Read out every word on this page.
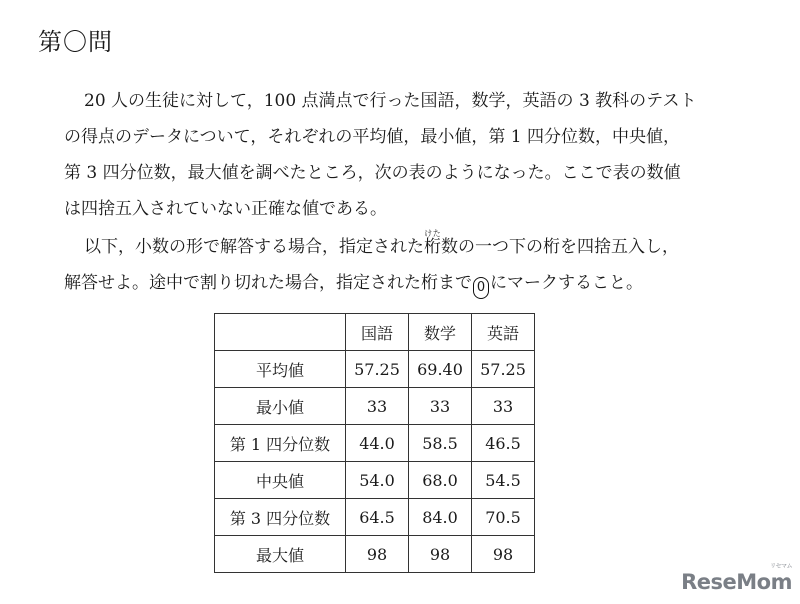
第〇問
20 人の生徒に対して，100 点満点で行った国語，数学，英語の 3 教科のテスト
の得点のデータについて，それぞれの平均値，最小値，第 1 四分位数，中央値，
第 3 四分位数，最大値を調べたところ，次の表のようになった。ここで表の数値
は四捨五入されていない正確な値である。
以下，小数の形で解答する場合，指定された桁けた数の一つ下の桁を四捨五入し，
解答せよ。途中で割り切れた場合，指定された桁まで 0 にマークすること。
	国語	数学	英語
平均値	57.25	69.40	57.25
最小値	33	33	33
第 1 四分位数	44.0	58.5	46.5
中央値	54.0	68.0	54.5
第 3 四分位数	64.5	84.0	70.5
最大値	98	98	98
リセマム
ReseMom
